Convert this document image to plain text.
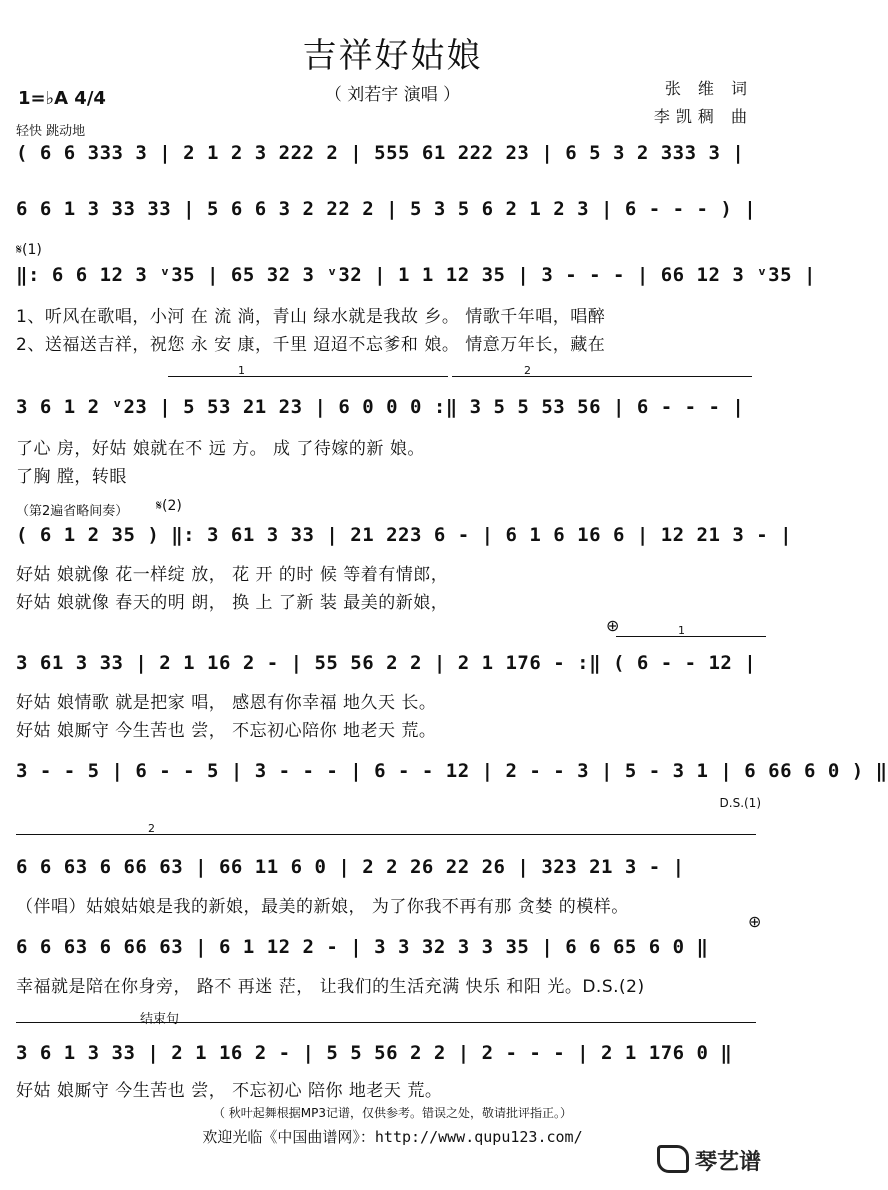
吉祥好姑娘
（ 刘若宇 演唱 ）	张 维 词
李凯稠 曲
1=♭A 4/4
轻快 跳动地
( 6 6 333 3 | 2 1 2 3 222 2 | 555 61 222 23 | 6 5 3 2 333 3 |
6 6 1 3 33 33 | 5 6 6 3 2 22 2 | 5 3 5 6 2 1 2 3 | 6 - - - ) |
𝄋(1)
‖: 6 6 12 3 ᵛ35 | 65 32 3 ᵛ32 | 1 1 12 35 | 3 - - - | 66 12 3 ᵛ35 |
1、听风在歌唱，小河 在 流 淌，青山 绿水就是我故 乡。 情歌千年唱，唱醉
2、送福送吉祥，祝您 永 安 康，千里 迢迢不忘爹和 娘。 情意万年长，藏在
1	2
3 6 1 2 ᵛ23 | 5 53 21 23 | 6 0 0 0 :‖ 3 5 5 53 56 | 6 - - - |
了心 房，好姑 娘就在不 远 方。 成 了待嫁的新 娘。
了胸 膛，转眼
（第2遍省略间奏） 𝄋(2)
( 6 1 2 35 ) ‖: 3 61 3 33 | 21 223 6 - | 6 1 6 16 6 | 12 21 3 - |
好姑 娘就像 花一样绽 放， 花 开 的时 候 等着有情郎，
好姑 娘就像 春天的明 朗， 换 上 了新 装 最美的新娘，
⊕	1
3 61 3 33 | 2 1 16 2 - | 55 56 2 2 | 2 1 176 - :‖ ( 6 - - 12 |
好姑 娘情歌 就是把家 唱， 感恩有你幸福 地久天 长。
好姑 娘厮守 今生苦也 尝， 不忘初心陪你 地老天 荒。
3 - - 5 | 6 - - 5 | 3 - - - | 6 - - 12 | 2 - - 3 | 5 - 3 1 | 6 66 6 0 ) ‖
D.S.(1)
2
6 6 63 6 66 63 | 66 11 6 0 | 2 2 26 22 26 | 323 21 3 - |
（伴唱）姑娘姑娘是我的新娘，最美的新娘， 为了你我不再有那 贪婪 的模样。
⊕
6 6 63 6 66 63 | 6 1 12 2 - | 3 3 32 3 3 35 | 6 6 65 6 0 ‖
幸福就是陪在你身旁， 路不 再迷 茫， 让我们的生活充满 快乐 和阳 光。D.S.(2)
结束句
3 6 1 3 33 | 2 1 16 2 - | 5 5 56 2 2 | 2 - - - | 2 1 176 0 ‖
好姑 娘厮守 今生苦也 尝， 不忘初心 陪你 地老天 荒。
（ 秋叶起舞根据MP3记谱，仅供参考。错误之处，敬请批评指正。）
欢迎光临《中国曲谱网》：http://www.qupu123.com/
琴艺谱
